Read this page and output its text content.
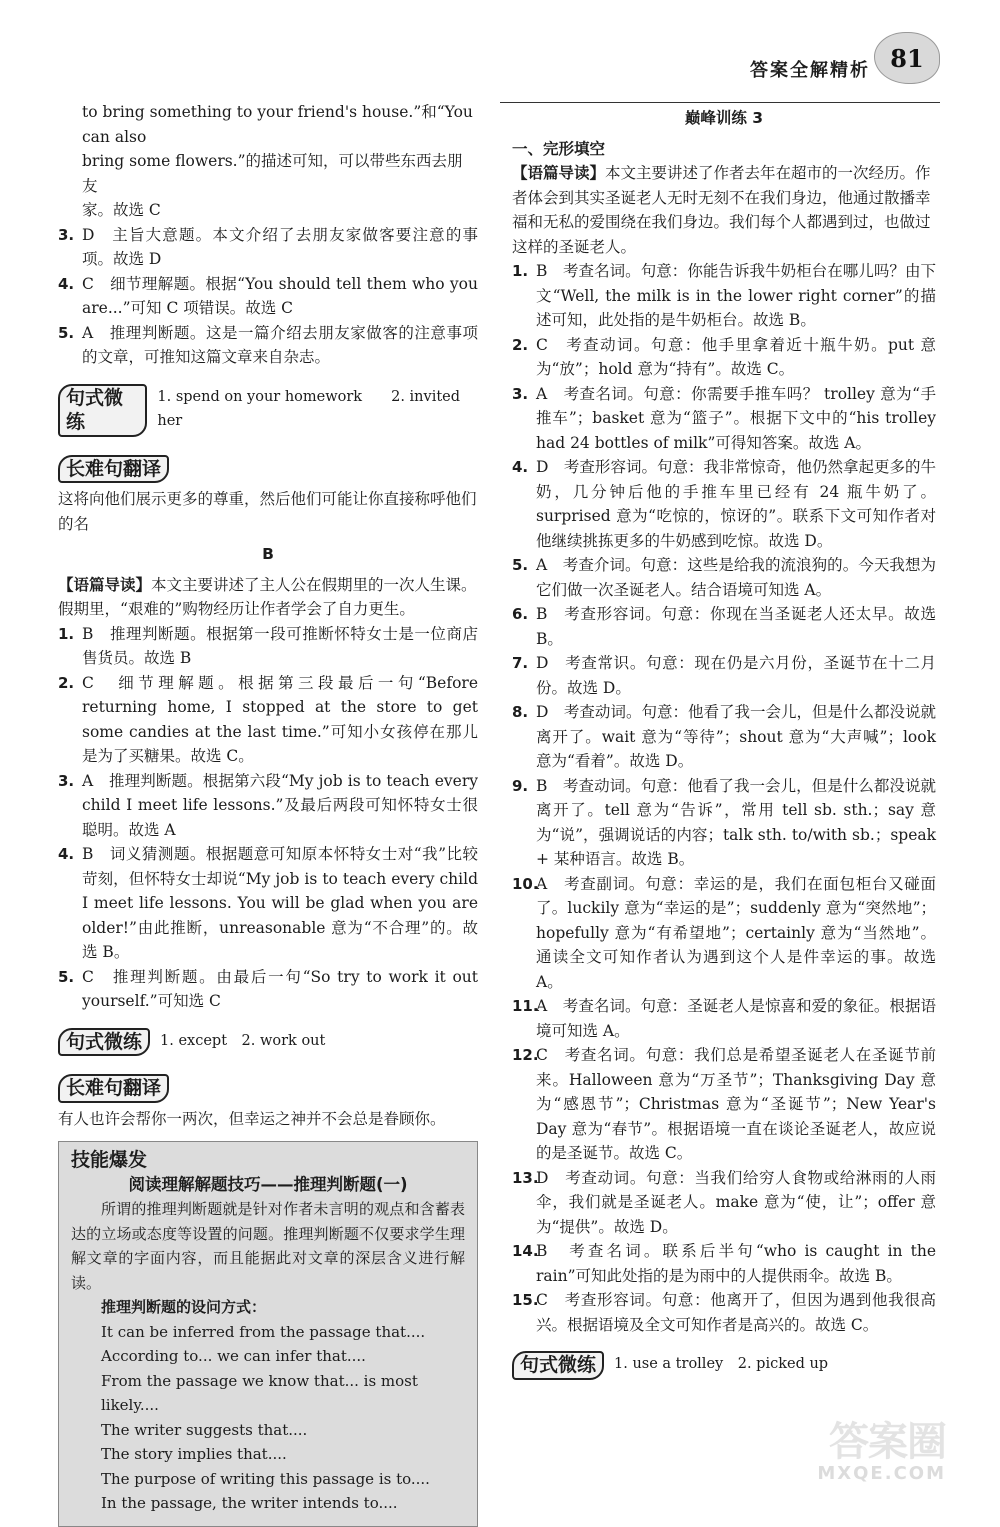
答案全解精析 81

to bring something to your friend's house.”和“You can also

bring some flowers.”的描述可知，可以带些东西去朋友

家。故选 C

3. D　主旨大意题。本文介绍了去朋友家做客要注意的事项。故选 D
4. C　细节理解题。根据“You should tell them who you are...”可知 C 项错误。故选 C
5. A　推理判断题。这是一篇介绍去朋友家做客的注意事项的文章，可推知这篇文章来自杂志。
句式微练
1. spend on your homework　　2. invited her
长难句翻译

这将向他们展示更多的尊重，然后他们可能让你直接称呼他们的名

B

【语篇导读】本文主要讲述了主人公在假期里的一次人生课。假期里，“艰难的”购物经历让作者学会了自力更生。

1. B　推理判断题。根据第一段可推断怀特女士是一位商店售货员。故选 B
2. C　细节理解题。根据第三段最后一句“Before returning home, I stopped at the store to get some candies at the last time.”可知小女孩停在那儿是为了买糖果。故选 C。
3. A　推理判断题。根据第六段“My job is to teach every child I meet life lessons.”及最后两段可知怀特女士很聪明。故选 A
4. B　词义猜测题。根据题意可知原本怀特女士对“我”比较苛刻，但怀特女士却说“My job is to teach every child I meet life lessons. You will be glad when you are older!”由此推断，unreasonable 意为“不合理”的。故选 B。
5. C　推理判断题。由最后一句“So try to work it out yourself.”可知选 C
句式微练	1. except　2. work out
长难句翻译

有人也许会帮你一两次，但幸运之神并不会总是眷顾你。

技能爆发
阅读理解解题技巧——推理判断题(一)

所谓的推理判断题就是针对作者未言明的观点和含蓄表达的立场或态度等设置的问题。推理判断题不仅要求学生理解文章的字面内容，而且能据此对文章的深层含义进行解读。

推理判断题的设问方式：
It can be inferred from the passage that....
According to... we can infer that....
From the passage we know that... is most likely....
The writer suggests that....
The story implies that....
The purpose of writing this passage is to....
In the passage, the writer intends to....

巅峰训练 3

一、完形填空

【语篇导读】本文主要讲述了作者去年在超市的一次经历。作者体会到其实圣诞老人无时无刻不在我们身边，他通过散播幸福和无私的爱围绕在我们身边。我们每个人都遇到过，也做过这样的圣诞老人。

1. B　考查名词。句意：你能告诉我牛奶柜台在哪儿吗？由下文“Well, the milk is in the lower right corner”的描述可知，此处指的是牛奶柜台。故选 B。
2. C　考查动词。句意：他手里拿着近十瓶牛奶。put 意为“放”；hold 意为“持有”。故选 C。
3. A　考查名词。句意：你需要手推车吗？ trolley 意为“手推车”；basket 意为“篮子”。根据下文中的“his trolley had 24 bottles of milk”可得知答案。故选 A。
4. D　考查形容词。句意：我非常惊奇，他仍然拿起更多的牛奶，几分钟后他的手推车里已经有 24 瓶牛奶了。surprised 意为“吃惊的，惊讶的”。联系下文可知作者对他继续挑拣更多的牛奶感到吃惊。故选 D。
5. A　考查介词。句意：这些是给我的流浪狗的。今天我想为它们做一次圣诞老人。结合语境可知选 A。
6. B　考查形容词。句意：你现在当圣诞老人还太早。故选 B。
7. D　考查常识。句意：现在仍是六月份，圣诞节在十二月份。故选 D。
8. D　考查动词。句意：他看了我一会儿，但是什么都没说就离开了。wait 意为“等待”；shout 意为“大声喊”；look 意为“看着”。故选 D。
9. B　考查动词。句意：他看了我一会儿，但是什么都没说就离开了。tell 意为“告诉”，常用 tell sb. sth.；say 意为“说”，强调说话的内容；talk sth. to/with sb.；speak + 某种语言。故选 B。
10.
A　考查副词。句意：幸运的是，我们在面包柜台又碰面了。luckily 意为“幸运的是”；suddenly 意为“突然地”；hopefully 意为“有希望地”；certainly 意为“当然地”。通读全文可知作者认为遇到这个人是件幸运的事。故选 A。
11.
A　考查名词。句意：圣诞老人是惊喜和爱的象征。根据语境可知选 A。
12.
C　考查名词。句意：我们总是希望圣诞老人在圣诞节前来。Halloween 意为“万圣节”；Thanksgiving Day 意为“感恩节”；Christmas 意为“圣诞节”；New Year's Day 意为“春节”。根据语境一直在谈论圣诞老人，故应说的是圣诞节。故选 C。
13.
D　考查动词。句意：当我们给穷人食物或给淋雨的人雨伞，我们就是圣诞老人。make 意为“使，让”；offer 意为“提供”。故选 D。
14.
B　考查名词。联系后半句“who is caught in the rain”可知此处指的是为雨中的人提供雨伞。故选 B。
15.
C　考查形容词。句意：他离开了，但因为遇到他我很高兴。根据语境及全文可知作者是高兴的。故选 C。
句式微练	1. use a trolley　2. picked up
答案圈
MXQE.COM
